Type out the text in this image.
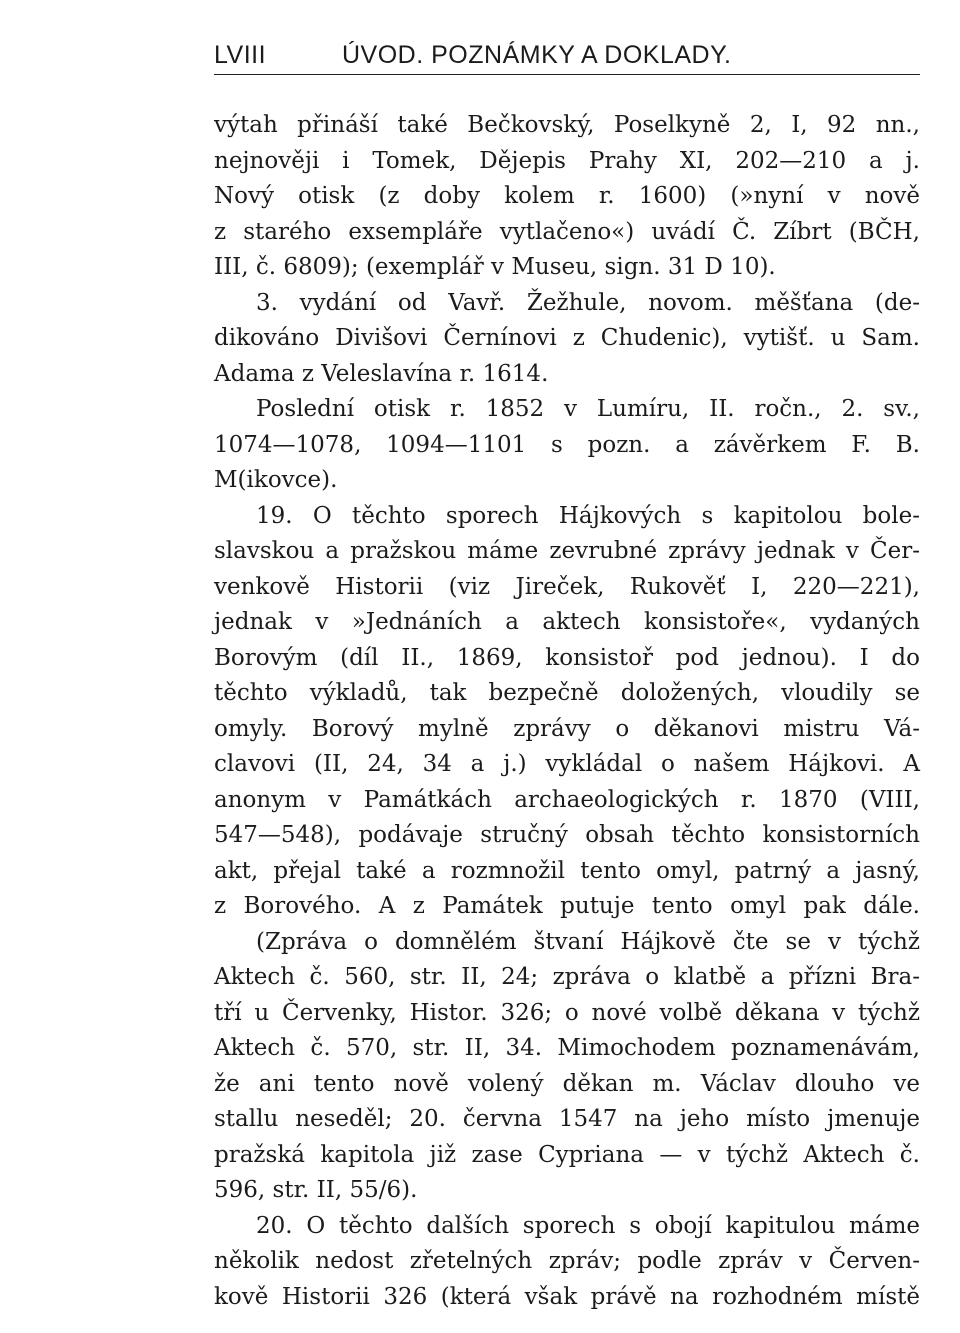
LVIII	ÚVOD. POZNÁMKY A DOKLADY.
výtah přináší také Bečkovský, Poselkyně 2, I, 92 nn.,
nejnověji i Tomek, Dějepis Prahy XI, 202—210 a j.
Nový otisk (z doby kolem r. 1600) (»nyní v nově
z starého exsempláře vytlačeno«) uvádí Č. Zíbrt (BČH,
III, č. 6809); (exemplář v Museu, sign. 31 D 10).
3. vydání od Vavř. Žežhule, novom. měšťana (de-
dikováno Divišovi Černínovi z Chudenic), vytišť. u Sam.
Adama z Veleslavína r. 1614.
Poslední otisk r. 1852 v Lumíru, II. ročn., 2. sv.,
1074—1078, 1094—1101 s pozn. a závěrkem F. B.
M(ikovce).
19. O těchto sporech Hájkových s kapitolou bole-
slavskou a pražskou máme zevrubné zprávy jednak v Čer-
venkově Historii (viz Jireček, Rukověť I, 220—221),
jednak v »Jednáních a aktech konsistoře«, vydaných
Borovým (díl II., 1869, konsistoř pod jednou). I do
těchto výkladů, tak bezpečně doložených, vloudily se
omyly. Borový mylně zprávy o děkanovi mistru Vá-
clavovi (II, 24, 34 a j.) vykládal o našem Hájkovi. A
anonym v Památkách archaeologických r. 1870 (VIII,
547—548), podávaje stručný obsah těchto konsistorních
akt, přejal také a rozmnožil tento omyl, patrný a jasný,
z Borového. A z Památek putuje tento omyl pak dále.
(Zpráva o domnělém štvaní Hájkově čte se v týchž
Aktech č. 560, str. II, 24; zpráva o klatbě a přízni Bra-
tří u Červenky, Histor. 326; o nové volbě děkana v týchž
Aktech č. 570, str. II, 34. Mimochodem poznamenávám,
že ani tento nově volený děkan m. Václav dlouho ve
stallu neseděl; 20. června 1547 na jeho místo jmenuje
pražská kapitola již zase Cypriana — v týchž Aktech č.
596, str. II, 55/6).
20. O těchto dalších sporech s obojí kapitulou máme
několik nedost zřetelných zpráv; podle zpráv v Červen-
kově Historii 326 (která však právě na rozhodném místě
